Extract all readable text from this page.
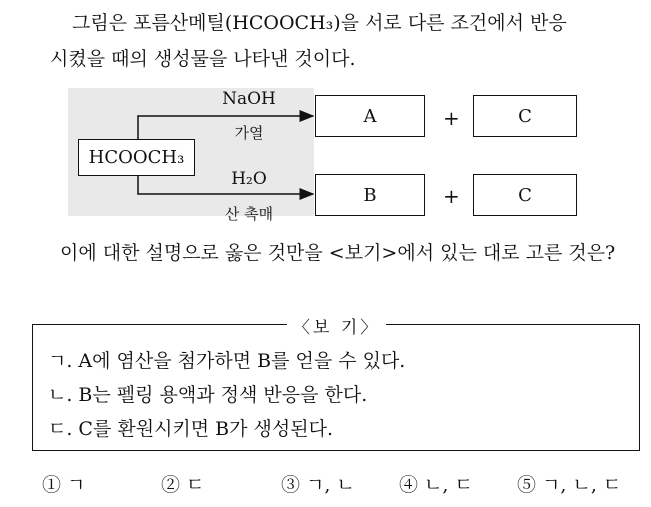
그림은 포름산메틸(HCOOCH₃)을 서로 다른 조건에서 반응
시켰을 때의 생성물을 나타낸 것이다.
HCOOCH₃
NaOH
가열
H₂O
산 촉매
A	+	C
B	+	C
이에 대한 설명으로 옳은 것만을 <보기>에서 있는 대로 고른 것은?
〈보 기〉
ㄱ. A에 염산을 첨가하면 B를 얻을 수 있다.
ㄴ. B는 펠링 용액과 정색 반응을 한다.
ㄷ. C를 환원시키면 B가 생성된다.
① ㄱ	② ㄷ	③ ㄱ, ㄴ ④ ㄴ, ㄷ ⑤ ㄱ, ㄴ, ㄷ
